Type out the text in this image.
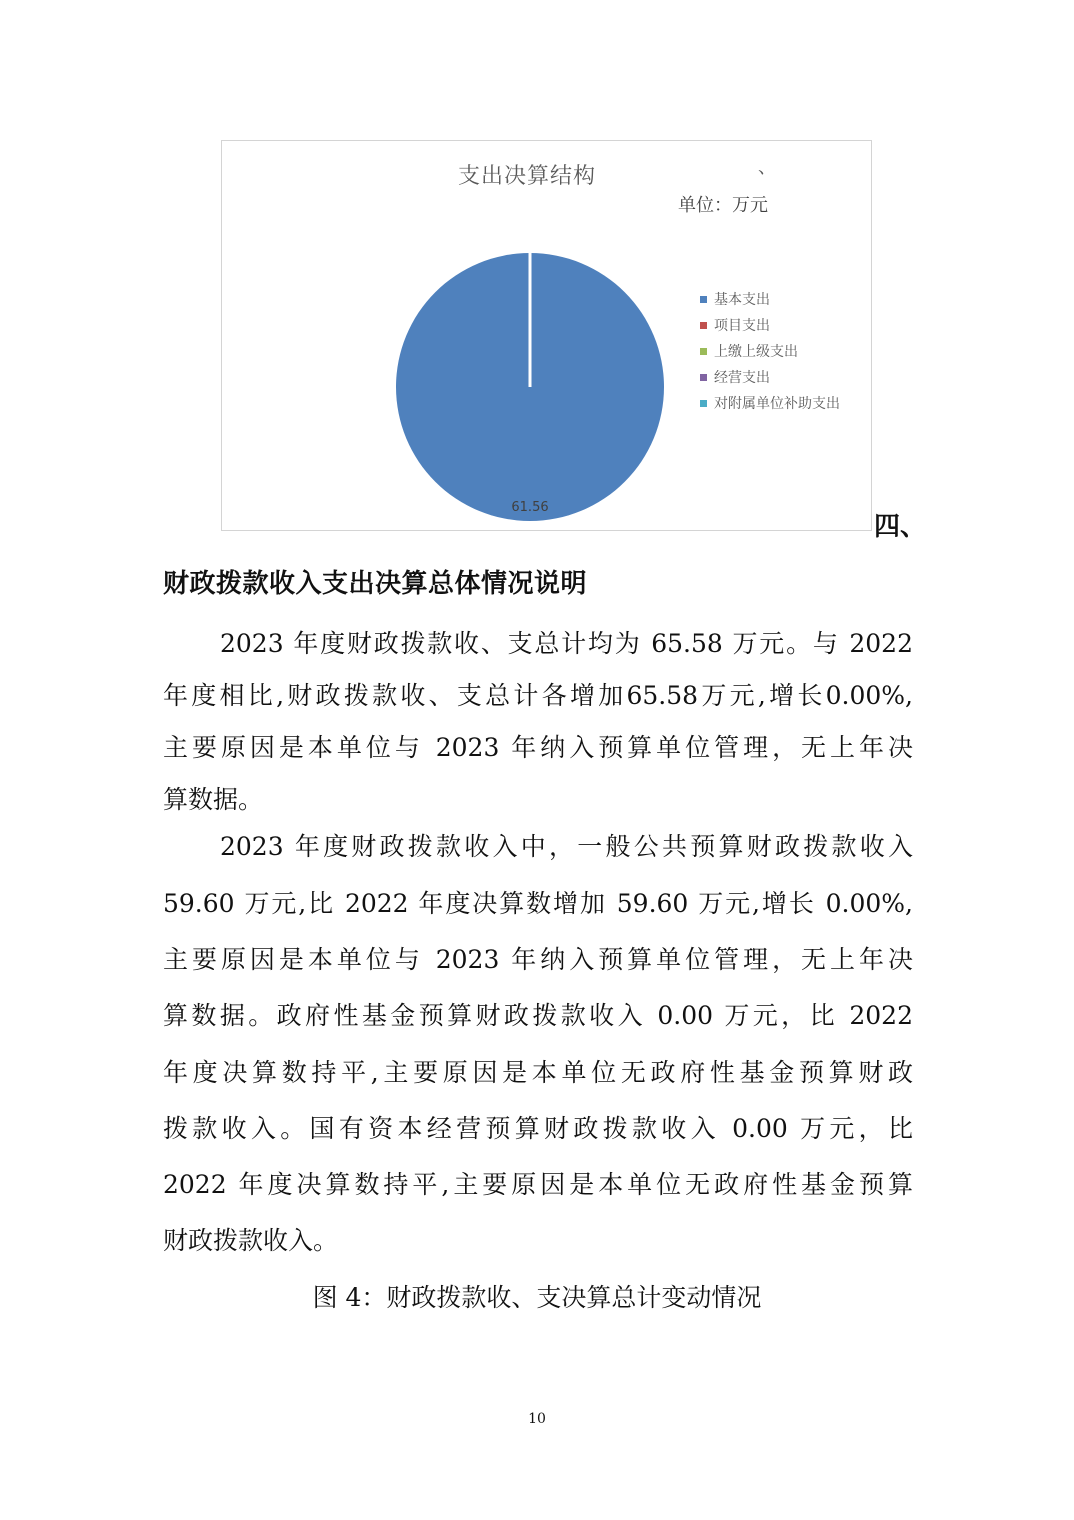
支出决算结构	、
单位：万元
61.56
基本支出
项目支出
上缴上级支出
经营支出
对附属单位补助支出
四、
财政拨款收入支出决算总体情况说明
2023 年度财政拨款收、支总计均为 65.58 万元。与 2022
年度相比,财政拨款收、支总计各增加65.58万元,增长0.00%,
主要原因是本单位与 2023 年纳入预算单位管理，无上年决
算数据。
2023 年度财政拨款收入中，一般公共预算财政拨款收入
59.60 万元,比 2022 年度决算数增加 59.60 万元,增长 0.00%,
主要原因是本单位与 2023 年纳入预算单位管理，无上年决
算数据。政府性基金预算财政拨款收入 0.00 万元，比 2022
年度决算数持平,主要原因是本单位无政府性基金预算财政
拨款收入。国有资本经营预算财政拨款收入 0.00 万元，比
2022 年度决算数持平,主要原因是本单位无政府性基金预算
财政拨款收入。
图 4：财政拨款收、支决算总计变动情况
10
